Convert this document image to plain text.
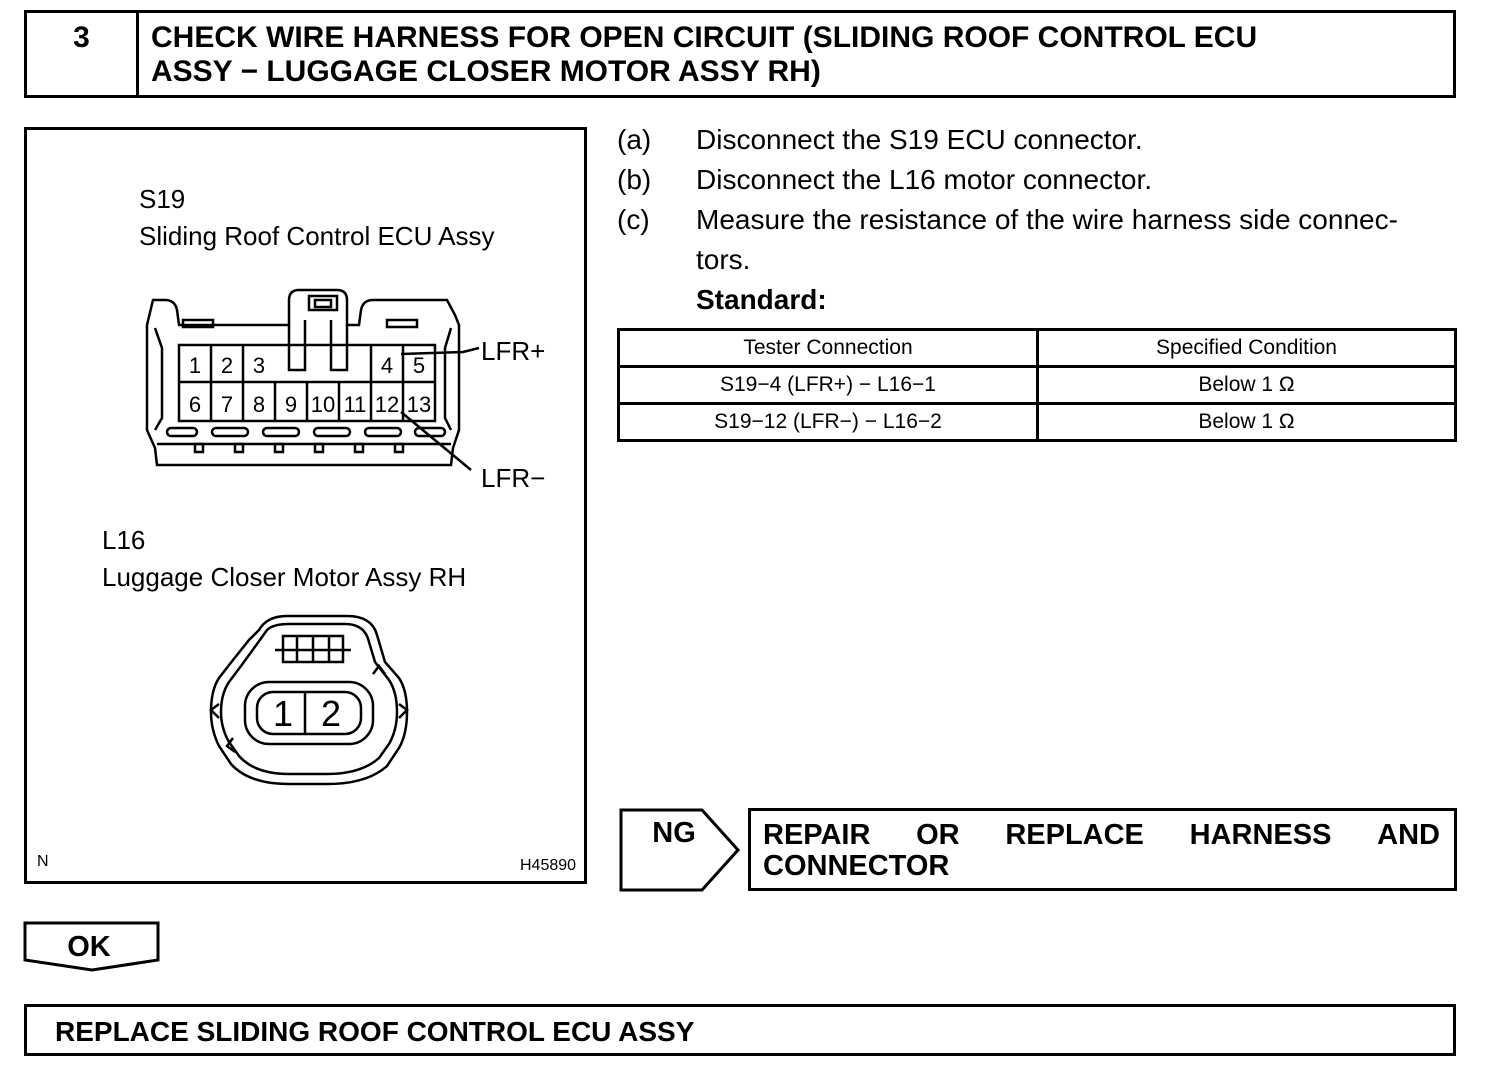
3	CHECK WIRE HARNESS FOR OPEN CIRCUIT (SLIDING ROOF CONTROL ECU
ASSY − LUGGAGE CLOSER MOTOR ASSY RH)
S19
Sliding Roof Control ECU Assy
1 2 3	4 5
6 7 8 9 10 11 12 13
1 2
LFR+
LFR−
L16
Luggage Closer Motor Assy RH
N	H45890
(a) Disconnect the S19 ECU connector.
(b) Disconnect the L16 motor connector.
(c) Measure the resistance of the wire harness side connec-
tors.
Standard:
Tester Connection	Specified Condition
S19−4 (LFR+) − L16−1	Below 1 Ω
S19−12 (LFR−) − L16−2	Below 1 Ω
NG REPAIR OR REPLACE HARNESS AND
CONNECTOR
OK
REPLACE SLIDING ROOF CONTROL ECU ASSY
